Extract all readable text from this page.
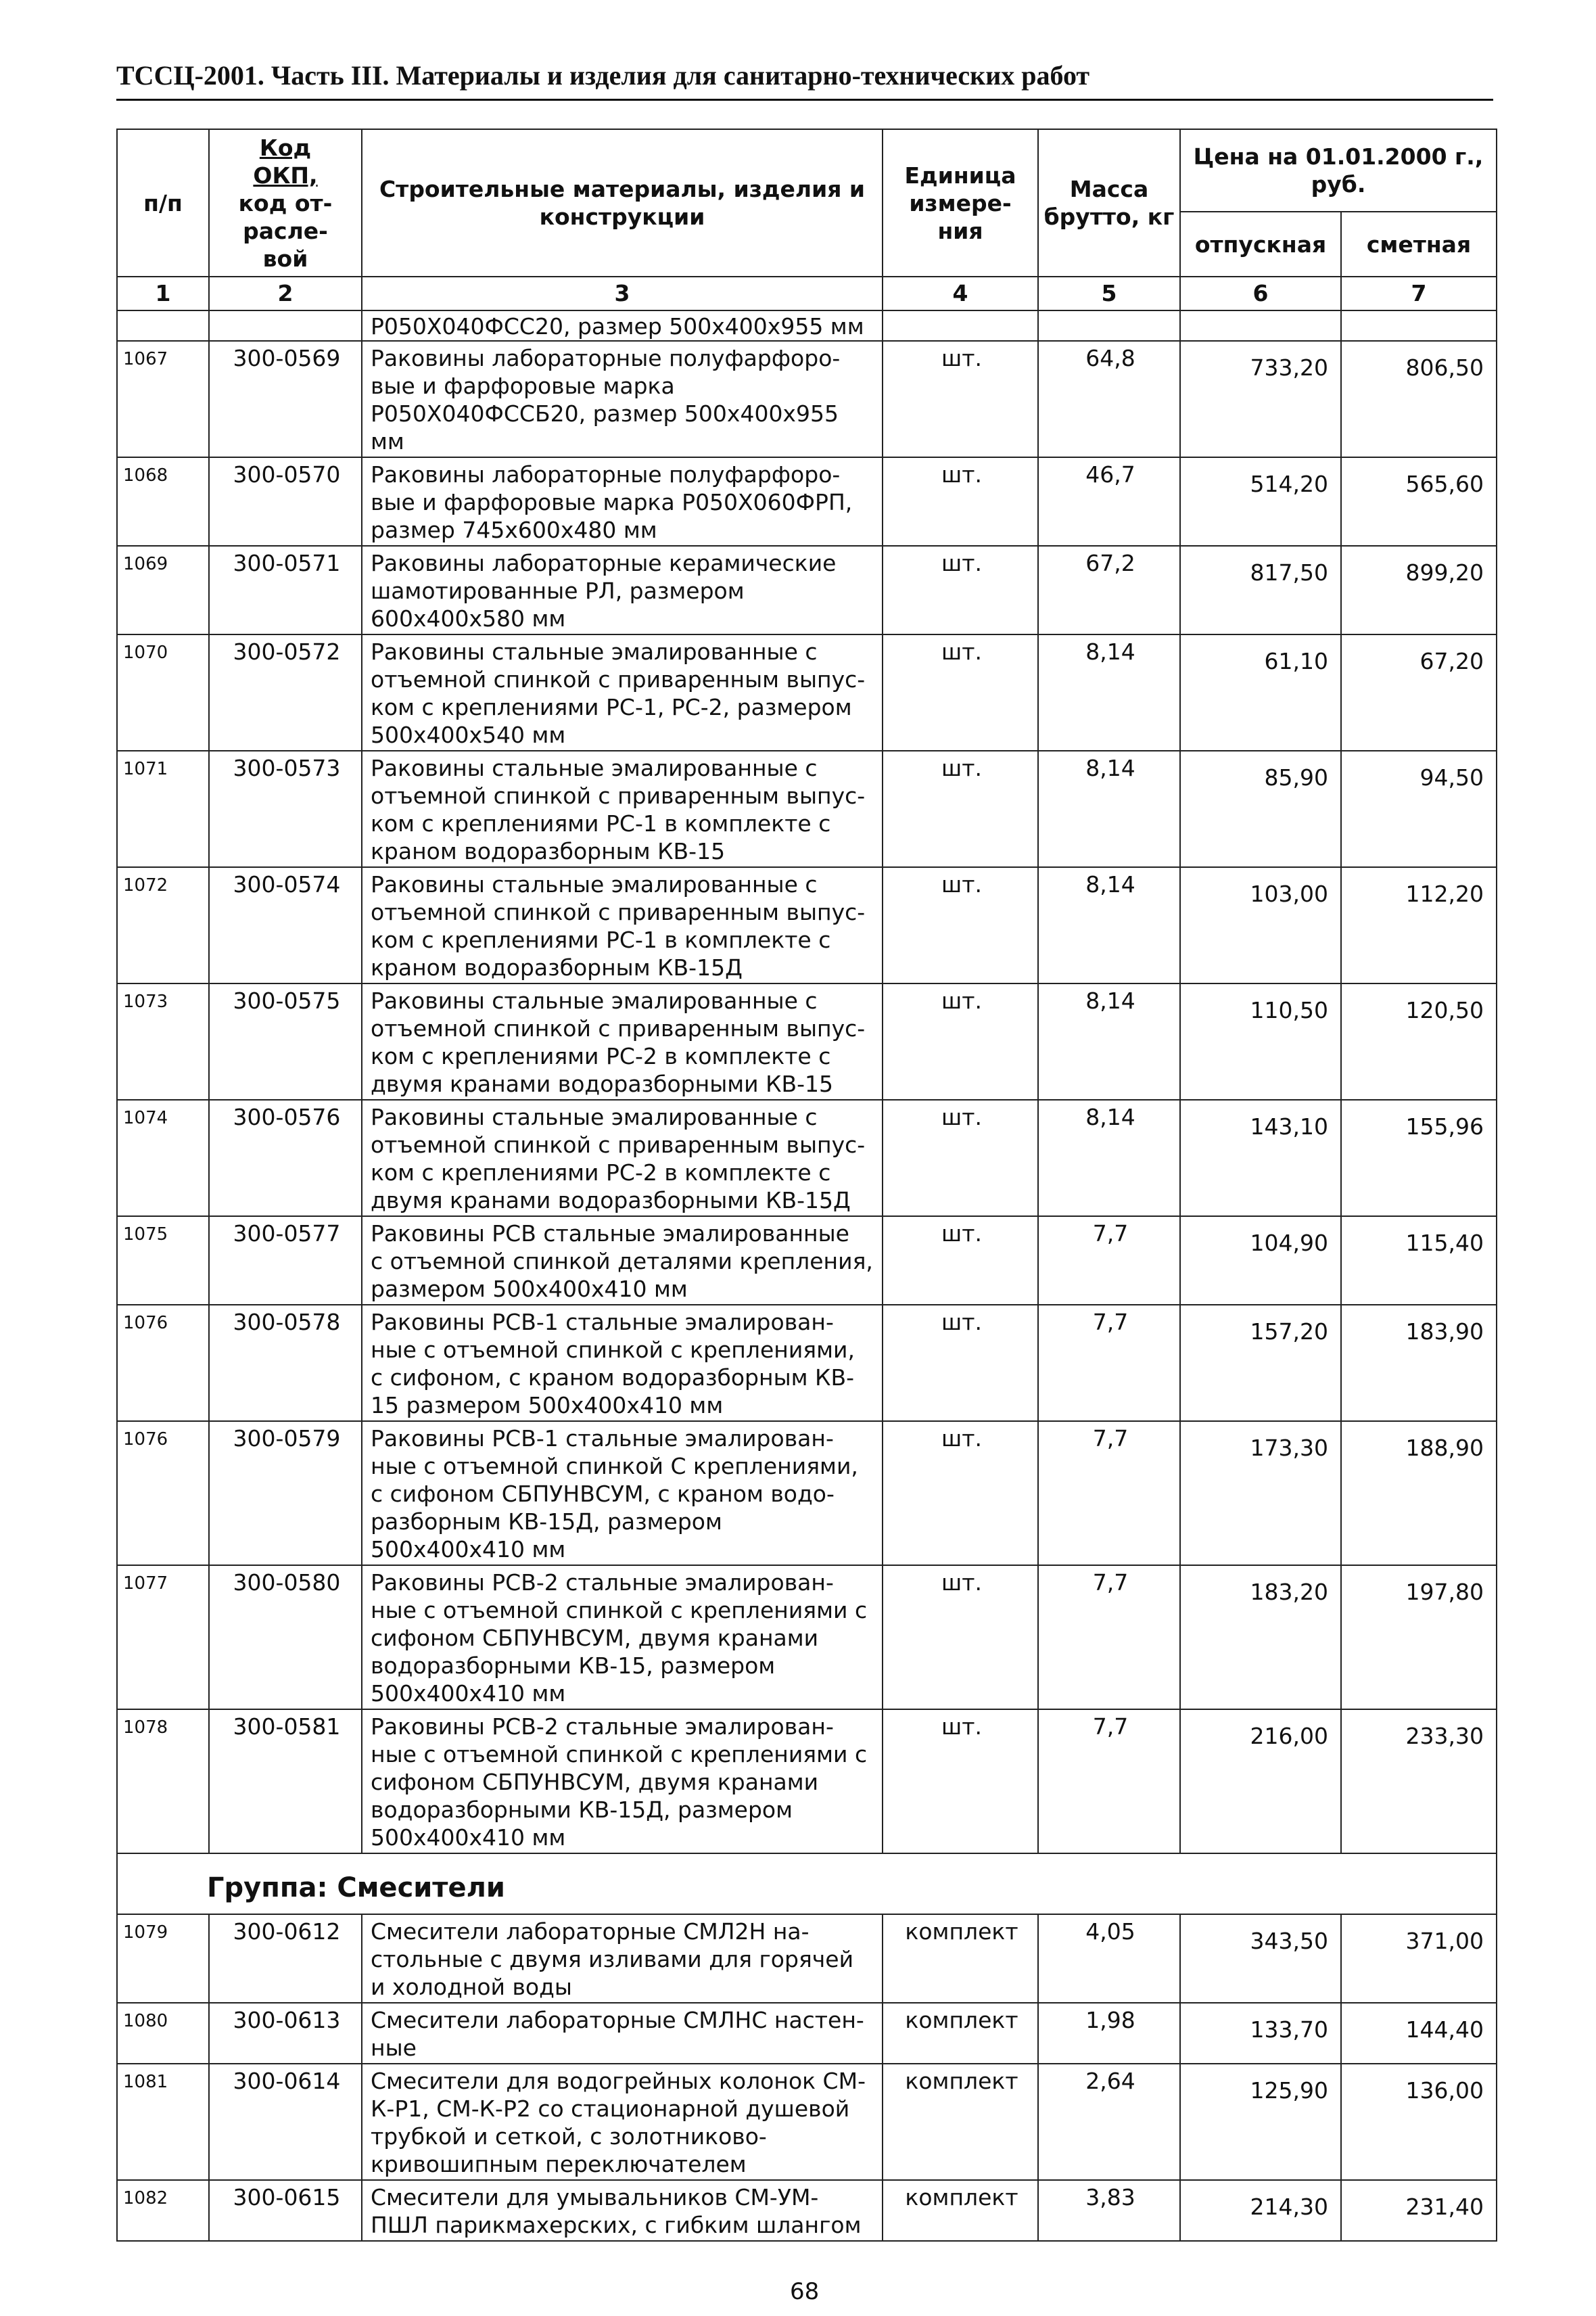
ТССЦ-2001. Часть III. Материалы и изделия для санитарно-технических работ
п/п	Код
ОКП,
код от-
расле-
вой	Строительные материалы, изделия и конструкции	Единица измере-ния	Масса брутто, кг	Цена на 01.01.2000 г., руб.	
					отпускная	сметная
1	2	3	4	5	6	7
		Р050Х040ФСС20, размер 500х400х955 мм				
1067	300-0569	Раковины лабораторные полуфарфоро-
вые и фарфоровые марка
Р050Х040ФССБ20, размер 500х400х955
мм	шт.	64,8	733,20	806,50
1068	300-0570	Раковины лабораторные полуфарфоро-
вые и фарфоровые марка Р050Х060ФРП,
размер 745х600х480 мм	шт.	46,7	514,20	565,60
1069	300-0571	Раковины лабораторные керамические
шамотированные РЛ, размером
600х400х580 мм	шт.	67,2	817,50	899,20
1070	300-0572	Раковины стальные эмалированные с
отъемной спинкой с приваренным выпус-
ком с креплениями РС-1, РС-2, размером
500х400х540 мм	шт.	8,14	61,10	67,20
1071	300-0573	Раковины стальные эмалированные с
отъемной спинкой с приваренным выпус-
ком с креплениями РС-1 в комплекте с
краном водоразборным КВ-15	шт.	8,14	85,90	94,50
1072	300-0574	Раковины стальные эмалированные с
отъемной спинкой с приваренным выпус-
ком с креплениями РС-1 в комплекте с
краном водоразборным КВ-15Д	шт.	8,14	103,00	112,20
1073	300-0575	Раковины стальные эмалированные с
отъемной спинкой с приваренным выпус-
ком с креплениями РС-2 в комплекте с
двумя кранами водоразборными КВ-15	шт.	8,14	110,50	120,50
1074	300-0576	Раковины стальные эмалированные с
отъемной спинкой с приваренным выпус-
ком с креплениями РС-2 в комплекте с
двумя кранами водоразборными КВ-15Д	шт.	8,14	143,10	155,96
1075	300-0577	Раковины РСВ стальные эмалированные
с отъемной спинкой деталями крепления,
размером 500х400х410 мм	шт.	7,7	104,90	115,40
1076	300-0578	Раковины РСВ-1 стальные эмалирован-
ные с отъемной спинкой с креплениями,
с сифоном, с краном водоразборным КВ-
15 размером 500х400х410 мм	шт.	7,7	157,20	183,90
1076	300-0579	Раковины РСВ-1 стальные эмалирован-
ные с отъемной спинкой С креплениями,
с сифоном СБПУНВСУМ, с краном водо-
разборным КВ-15Д, размером
500х400х410 мм	шт.	7,7	173,30	188,90
1077	300-0580	Раковины РСВ-2 стальные эмалирован-
ные с отъемной спинкой с креплениями с
сифоном СБПУНВСУМ, двумя кранами
водоразборными КВ-15, размером
500х400х410 мм	шт.	7,7	183,20	197,80
1078	300-0581	Раковины РСВ-2 стальные эмалирован-
ные с отъемной спинкой с креплениями с
сифоном СБПУНВСУМ, двумя кранами
водоразборными КВ-15Д, размером
500х400х410 мм	шт.	7,7	216,00	233,30
Группа: Смесители						
1079	300-0612	Смесители лабораторные СМЛ2Н на-
стольные с двумя изливами для горячей
и холодной воды	комплект	4,05	343,50	371,00
1080	300-0613	Смесители лабораторные СМЛНС настен-
ные	комплект	1,98	133,70	144,40
1081	300-0614	Смесители для водогрейных колонок СМ-
К-Р1, СМ-К-Р2 со стационарной душевой
трубкой и сеткой, с золотниково-
кривошипным переключателем	комплект	2,64	125,90	136,00
1082	300-0615	Смесители для умывальников СМ-УМ-
ПШЛ парикмахерских, с гибким шлангом	комплект	3,83	214,30	231,40
68
